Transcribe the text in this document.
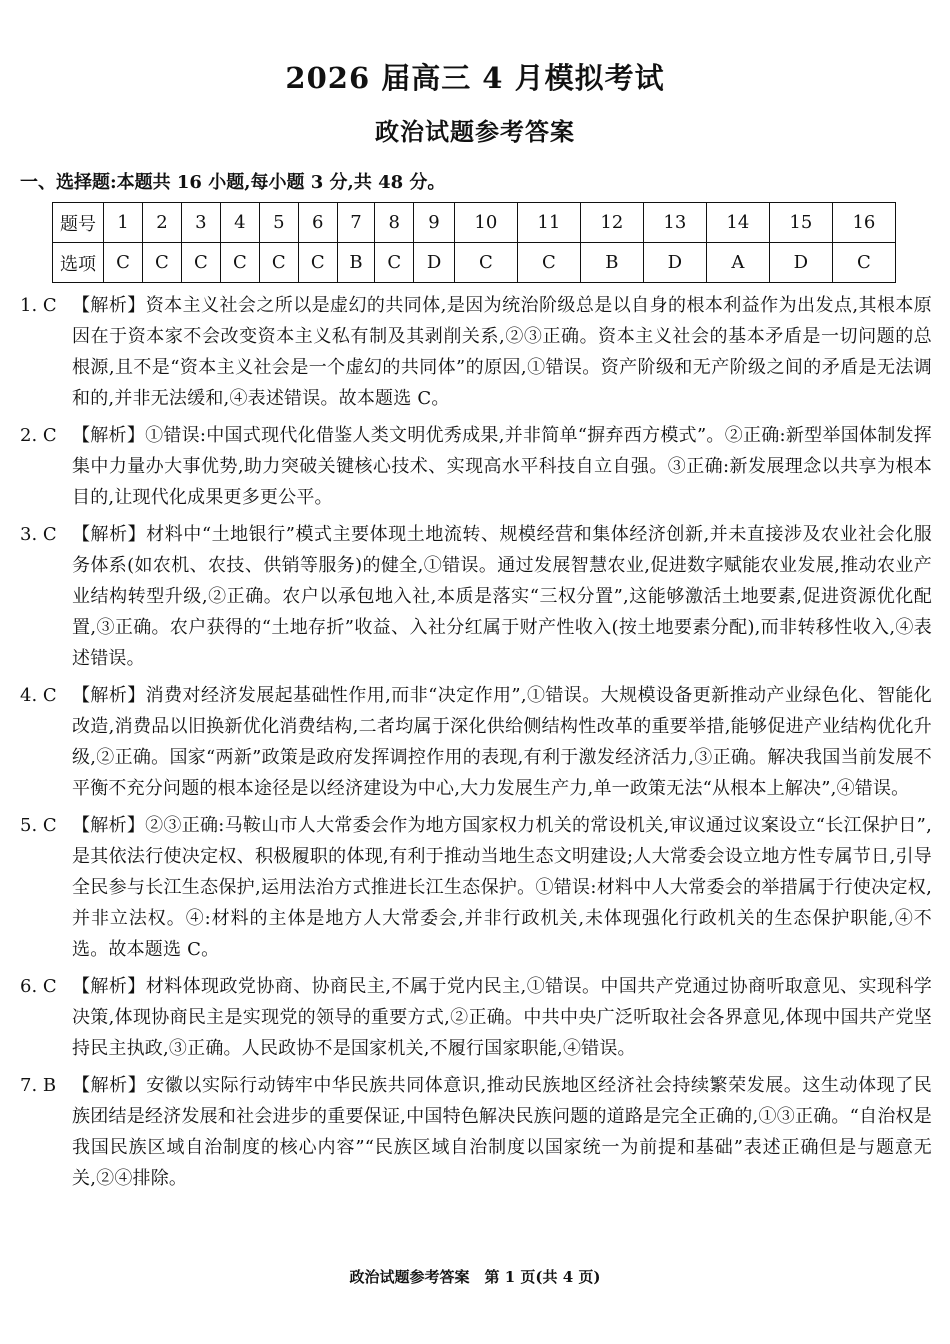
2026 届高三 4 月模拟考试
政治试题参考答案
一、选择题:本题共 16 小题,每小题 3 分,共 48 分。
题号	1	2	3	4	5	6	7	8	9	10	11	12	13	14	15	16
选项	C	C	C	C	C	C	B	C	D	C	C	B	D	A	D	C
1. C 【解析】资本主义社会之所以是虚幻的共同体,是因为统治阶级总是以自身的根本利益作为出发点,其根本原因在于资本家不会改变资本主义私有制及其剥削关系,②③正确。资本主义社会的基本矛盾是一切问题的总根源,且不是“资本主义社会是一个虚幻的共同体”的原因,①错误。资产阶级和无产阶级之间的矛盾是无法调和的,并非无法缓和,④表述错误。故本题选 C。
2. C 【解析】①错误:中国式现代化借鉴人类文明优秀成果,并非简单“摒弃西方模式”。②正确:新型举国体制发挥集中力量办大事优势,助力突破关键核心技术、实现高水平科技自立自强。③正确:新发展理念以共享为根本目的,让现代化成果更多更公平。
3. C 【解析】材料中“土地银行”模式主要体现土地流转、规模经营和集体经济创新,并未直接涉及农业社会化服务体系(如农机、农技、供销等服务)的健全,①错误。通过发展智慧农业,促进数字赋能农业发展,推动农业产业结构转型升级,②正确。农户以承包地入社,本质是落实“三权分置”,这能够激活土地要素,促进资源优化配置,③正确。农户获得的“土地存折”收益、入社分红属于财产性收入(按土地要素分配),而非转移性收入,④表述错误。
4. C 【解析】消费对经济发展起基础性作用,而非“决定作用”,①错误。大规模设备更新推动产业绿色化、智能化改造,消费品以旧换新优化消费结构,二者均属于深化供给侧结构性改革的重要举措,能够促进产业结构优化升级,②正确。国家“两新”政策是政府发挥调控作用的表现,有利于激发经济活力,③正确。解决我国当前发展不平衡不充分问题的根本途径是以经济建设为中心,大力发展生产力,单一政策无法“从根本上解决”,④错误。
5. C 【解析】②③正确:马鞍山市人大常委会作为地方国家权力机关的常设机关,审议通过议案设立“长江保护日”,是其依法行使决定权、积极履职的体现,有利于推动当地生态文明建设;人大常委会设立地方性专属节日,引导全民参与长江生态保护,运用法治方式推进长江生态保护。①错误:材料中人大常委会的举措属于行使决定权,并非立法权。④:材料的主体是地方人大常委会,并非行政机关,未体现强化行政机关的生态保护职能,④不选。故本题选 C。
6. C 【解析】材料体现政党协商、协商民主,不属于党内民主,①错误。中国共产党通过协商听取意见、实现科学决策,体现协商民主是实现党的领导的重要方式,②正确。中共中央广泛听取社会各界意见,体现中国共产党坚持民主执政,③正确。人民政协不是国家机关,不履行国家职能,④错误。
7. B 【解析】安徽以实际行动铸牢中华民族共同体意识,推动民族地区经济社会持续繁荣发展。这生动体现了民族团结是经济发展和社会进步的重要保证,中国特色解决民族问题的道路是完全正确的,①③正确。“自治权是我国民族区域自治制度的核心内容”“民族区域自治制度以国家统一为前提和基础”表述正确但是与题意无关,②④排除。
政治试题参考答案　第 1 页(共 4 页)
